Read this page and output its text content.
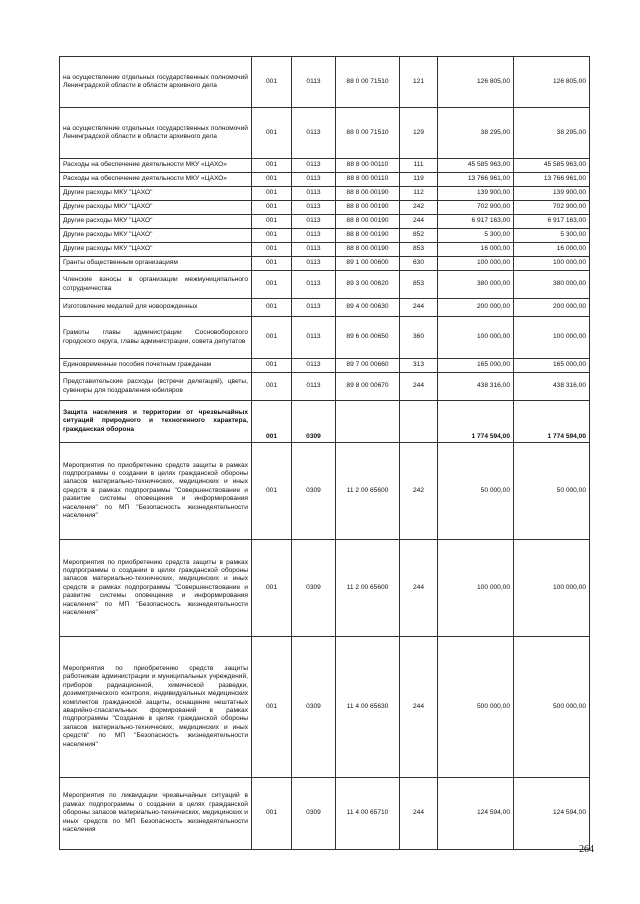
на осуществление отдельных государственных полномочий Ленинградской области в области архивного дела	001	0113	88 0 00 71510	121	126 805,00	126 805,00
на осуществление отдельных государственных полномочий Ленинградской области в области архивного дела	001	0113	88 0 00 71510	129	38 295,00	38 295,00
Расходы на обеспечение деятельности МКУ «ЦАХО»	001	0113	88 8 00 00110	111	45 585 963,00	45 585 963,00
Расходы на обеспечение деятельности МКУ «ЦАХО»	001	0113	88 8 00 00110	119	13 766 961,00	13 766 961,00
Другие расходы МКУ "ЦАХО"	001	0113	88 8 00 00190	112	139 900,00	139 900,00
Другие расходы МКУ "ЦАХО"	001	0113	88 8 00 00190	242	702 900,00	702 900,00
Другие расходы МКУ "ЦАХО"	001	0113	88 8 00 00190	244	6 917 163,00	6 917 163,00
Другие расходы МКУ "ЦАХО"	001	0113	88 8 00 00190	852	5 300,00	5 300,00
Другие расходы МКУ "ЦАХО"	001	0113	88 8 00 00190	853	16 000,00	16 000,00
Гранты общественным организациям	001	0113	89 1 00 00600	630	100 000,00	100 000,00
Членские взносы в организации межмуниципального сотрудничества	001	0113	89 3 00 00620	853	380 000,00	380 000,00
Изготовление медалей для новорожденных	001	0113	89 4 00 00630	244	200 000,00	200 000,00
Грамоты главы администрации Сосновоборского городского округа, главы администрации, совета депутатов	001	0113	89 6 00 00650	360	100 000,00	100 000,00
Единовременные пособия почетным гражданам	001	0113	89 7 00 00660	313	165 000,00	165 000,00
Представительские расходы (встречи делегаций), цветы, сувениры для поздравления юбиляров	001	0113	89 8 00 00670	244	438 316,00	438 316,00
Защита населения и территории от чрезвычайных ситуаций природного и техногенного характера, гражданская оборона	001	0309			1 774 594,00	1 774 594,00
Мероприятия по приобретению средств защиты в рамках подпрограммы о создании в целях гражданской обороны запасов материально-технических, медицинских и иных средств в рамках подпрограммы "Совершенствование и развитие системы оповещения и информирования населения" по МП "Безопасность жизнедеятельности населения"	001	0309	11 2 00 65600	242	50 000,00	50 000,00
Мероприятия по приобретению средств защиты в рамках подпрограммы о создании в целях гражданской обороны запасов материально-технических, медицинских и иных средств в рамках подпрограммы "Совершенствование и развитие системы оповещения и информирования населения" по МП "Безопасность жизнедеятельности населения"	001	0309	11 2 00 65600	244	100 000,00	100 000,00
Мероприятия по приобретению средств защиты работникам администрации и муниципальных учреждений, приборов радиационной, химической разведки, дозиметрического контроля, индивидуальных медицинских комплектов гражданской защиты, оснащение нештатных аварийно-спасательных формирований в рамках подпрограммы "Создание в целях гражданской обороны запасов материально-технических, медицинских и иных средств" по МП "Безопасность жизнедеятельности населения"	001	0309	11 4 00 65630	244	500 000,00	500 000,00
Мероприятия по ликвидации чрезвычайных ситуаций в рамках подпрограммы о создании в целях гражданской обороны запасов материально-технических, медицинских и иных средств по МП Безопасность жизнедеятельности населения	001	0309	11 4 00 65710	244	124 594,00	124 594,00
264
